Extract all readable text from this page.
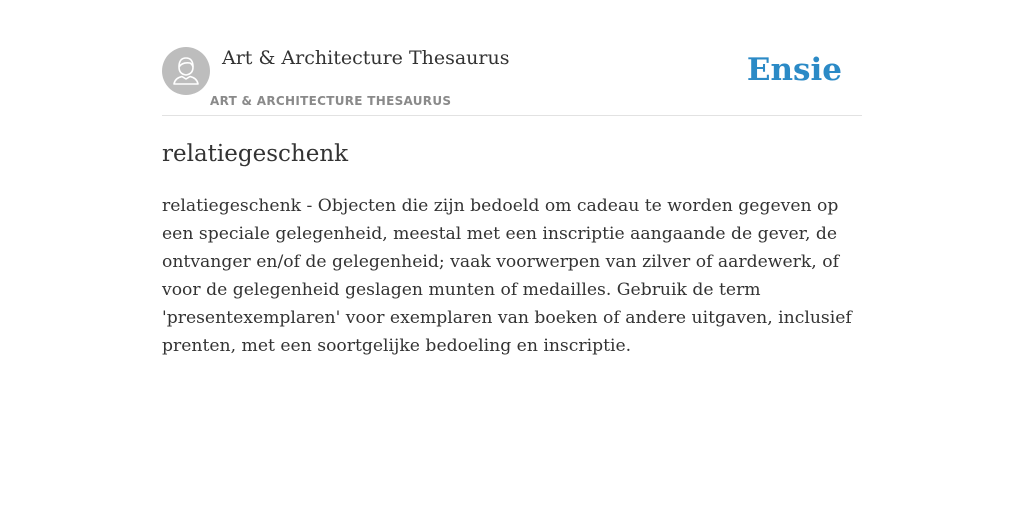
Art & Architecture Thesaurus
ART & ARCHITECTURE THESAURUS
Ensie
relatiegeschenk

relatiegeschenk - Objecten die zijn bedoeld om cadeau te worden gegeven op een speciale gelegenheid, meestal met een inscriptie aangaande de gever, de ontvanger en/of de gelegenheid; vaak voorwerpen van zilver of aardewerk, of voor de gelegenheid geslagen munten of medailles. Gebruik de term 'presentexemplaren' voor exemplaren van boeken of andere uitgaven, inclusief prenten, met een soortgelijke bedoeling en inscriptie.
